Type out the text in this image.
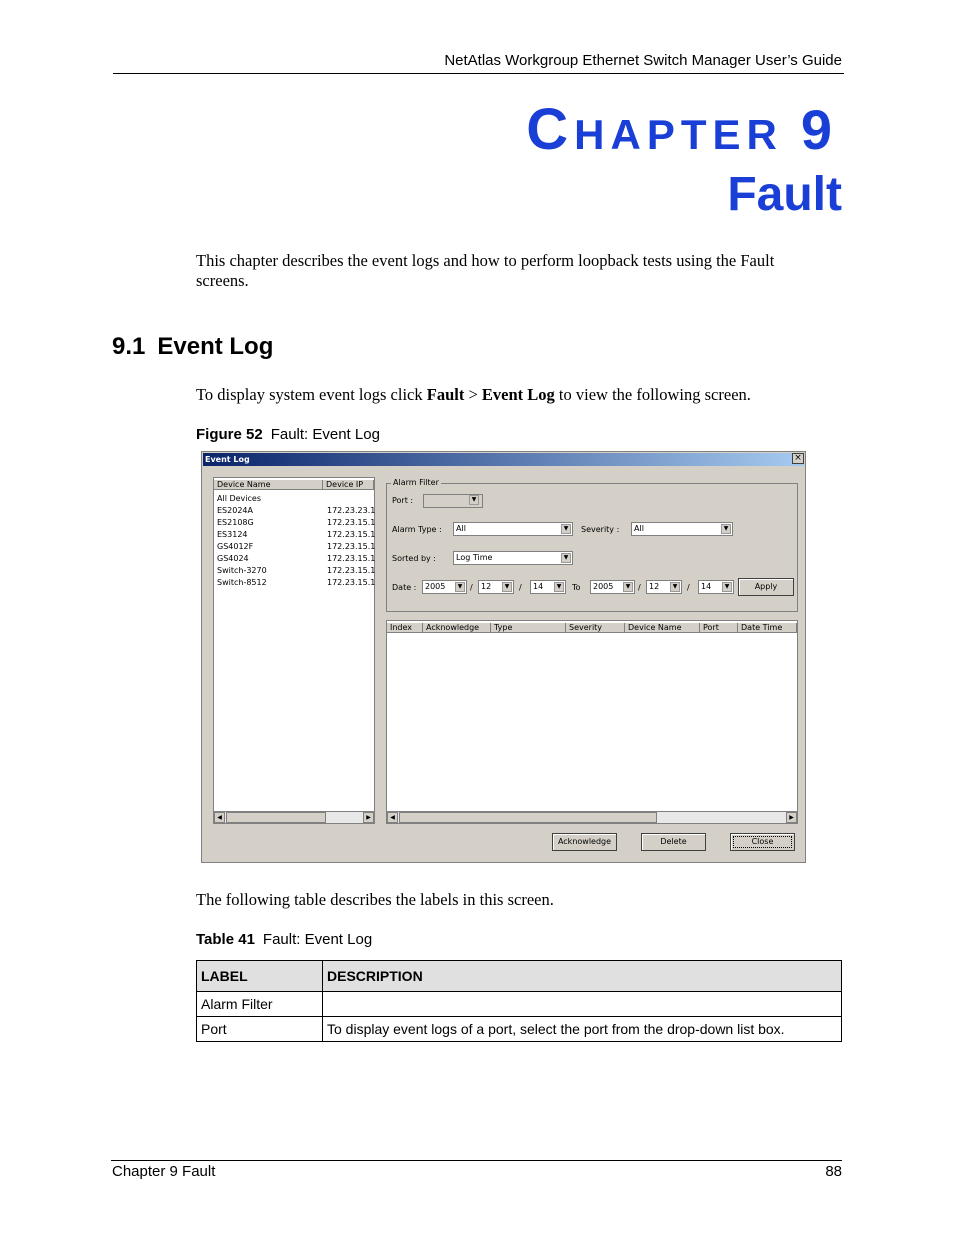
NetAtlas Workgroup Ethernet Switch Manager User’s Guide
CHAPTER 9
Fault
This chapter describes the event logs and how to perform loopback tests using the Fault screens.
9.1 Event Log
To display system event logs click Fault > Event Log to view the following screen.
Figure 52 Fault: Event Log
Event Log	×
Device Name	Device IP
All Devices
ES2024A	172.23.23.1
ES2108G	172.23.15.1
ES3124	172.23.15.1
GS4012F	172.23.15.1
GS4024	172.23.15.1
Switch-3270	172.23.15.1
Switch-8512	172.23.15.1
◀	▶
Alarm Filter
Port :	▼
Alarm Type :	All	▼	Severity :	All	▼
Sorted by :	Log Time	▼
Date :	2005	▼ /	12	▼	/	14	▼	To	2005	▼ /	12	▼	/	14	▼	Apply
Index	Acknowledge	Type	Severity	Device Name	Port	Date Time
◀	▶
Acknowledge	Delete	Close
The following table describes the labels in this screen.
Table 41 Fault: Event Log
LABEL	DESCRIPTION
Alarm Filter	
Port	To display event logs of a port, select the port from the drop-down list box.
Chapter 9 Fault	88
